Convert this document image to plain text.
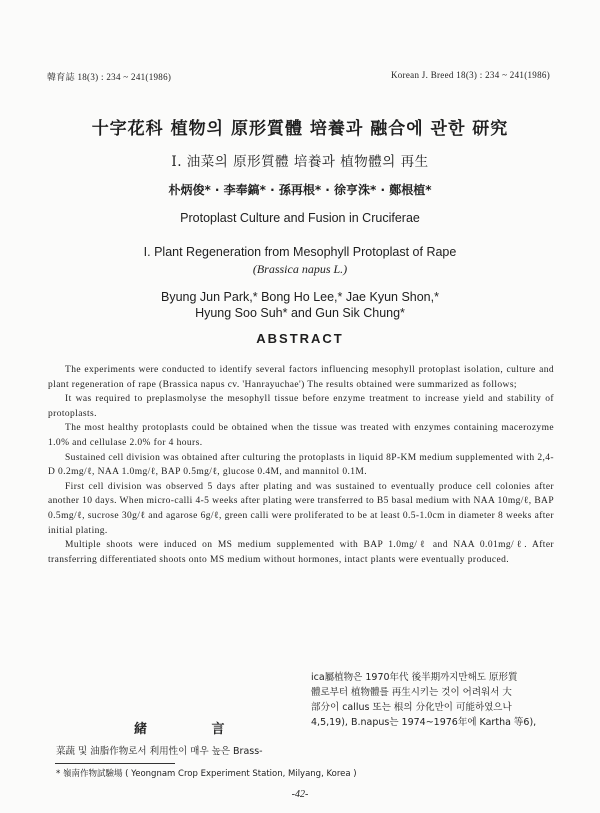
韓育誌 18(3) : 234 ~ 241(1986)	Korean J. Breed 18(3) : 234 ~ 241(1986)
十字花科 植物의 原形質體 培養과 融合에 관한 研究
I. 油菜의 原形質體 培養과 植物體의 再生
朴炳俊* · 李奉鎬* · 孫再根* · 徐亨洙* · 鄭根植*
Protoplast Culture and Fusion in Cruciferae
I. Plant Regeneration from Mesophyll Protoplast of Rape
(Brassica napus L.)
Byung Jun Park,* Bong Ho Lee,* Jae Kyun Shon,*
Hyung Soo Suh* and Gun Sik Chung*
ABSTRACT

The experiments were conducted to identify several factors influencing mesophyll protoplast isolation, culture and plant regeneration of rape (Brassica napus cv. 'Hanrayuchae') The results obtained were summarized as follows;

It was required to preplasmolyse the mesophyll tissue before enzyme treatment to increase yield and stability of protoplasts.

The most healthy protoplasts could be obtained when the tissue was treated with enzymes containing macerozyme 1.0% and cellulase 2.0% for 4 hours.

Sustained cell division was obtained after culturing the protoplasts in liquid 8P-KM medium supplemented with 2,4-D 0.2mg/ℓ, NAA 1.0mg/ℓ, BAP 0.5mg/ℓ, glucose 0.4M, and mannitol 0.1M.

First cell division was observed 5 days after plating and was sustained to eventually produce cell colonies after another 10 days. When micro-calli 4-5 weeks after plating were transferred to B5 basal medium with NAA 10mg/ℓ, BAP 0.5mg/ℓ, sucrose 30g/ℓ and agarose 6g/ℓ, green calli were proliferated to be at least 0.5-1.0cm in diameter 8 weeks after initial plating.

Multiple shoots were induced on MS medium supplemented with BAP 1.0mg/ℓ and NAA 0.01mg/ℓ. After transferring differentiated shoots onto MS medium without hormones, intact plants were eventually produced.

緒 言
菜蔬 및 油脂作物로서 利用性이 매우 높은 Brass-
ica屬植物은 1970年代 後半期까지만해도 原形質
體로부터 植物體를 再生시키는 것이 어려워서 大
部分이 callus 또는 根의 分化만이 可能하였으나
4,5,19), B.napus는 1974~1976年에 Kartha 等6),
* 嶺南作物試驗場 ( Yeongnam Crop Experiment Station, Milyang, Korea )
-42-
